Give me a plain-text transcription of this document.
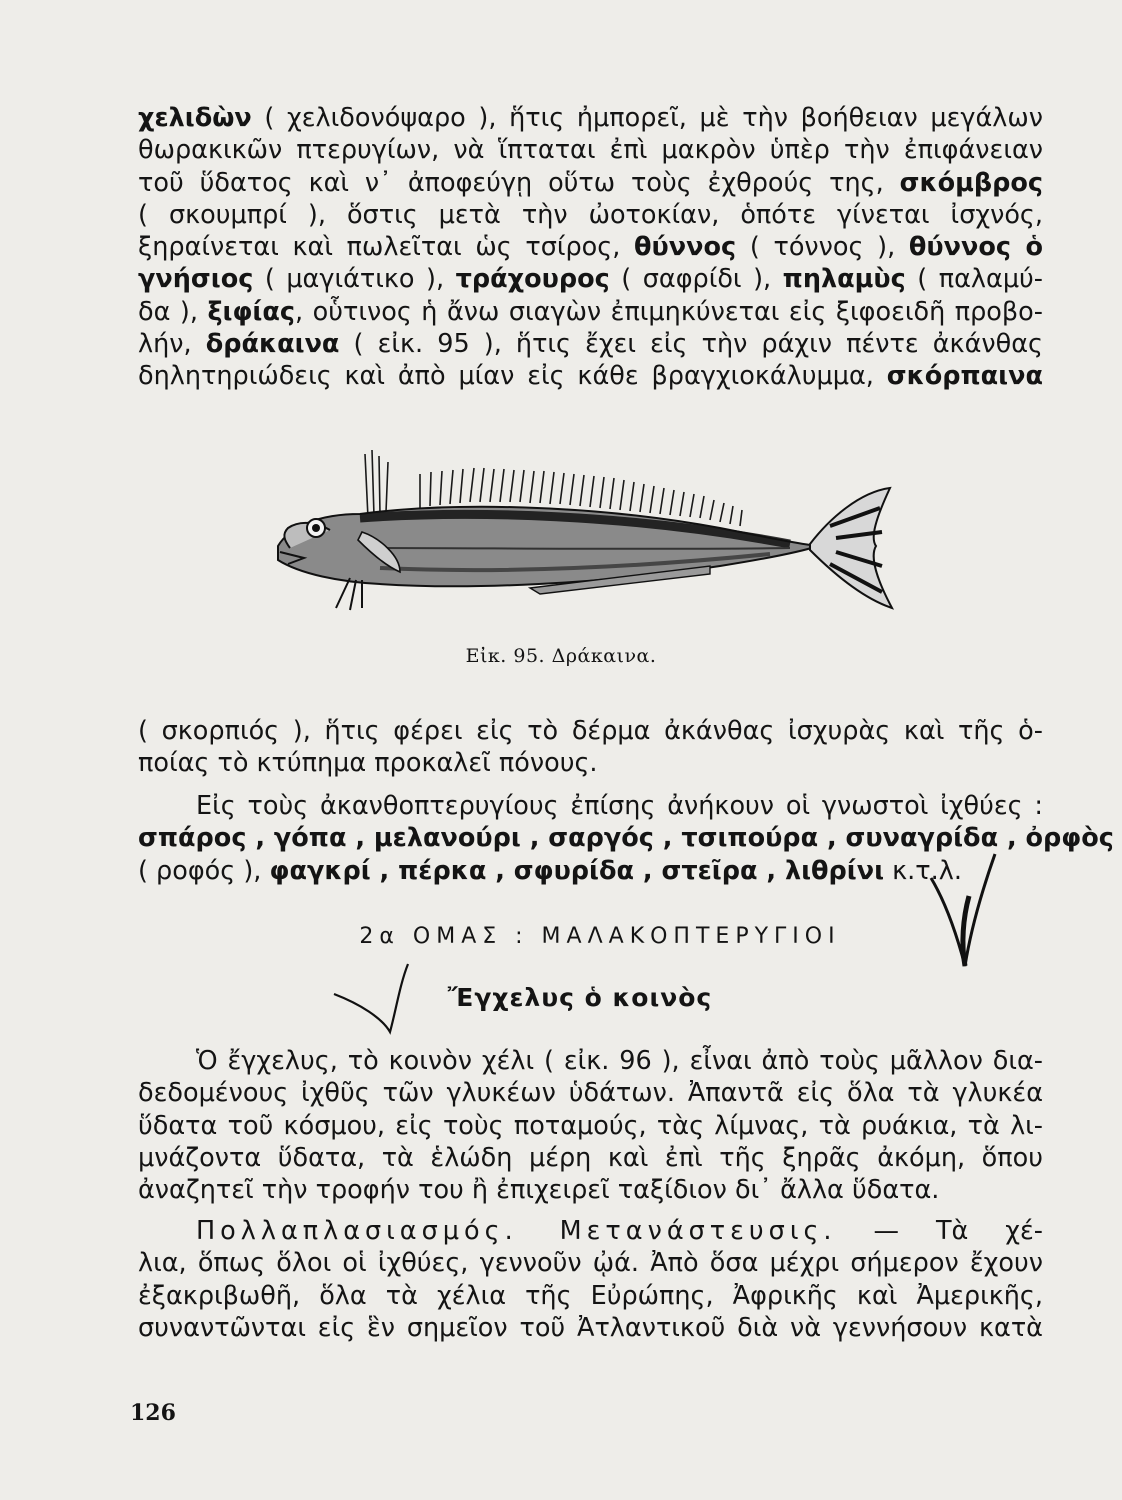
χελιδὼν ( χελιδονόψαρο ), ἥτις ἠμπορεῖ, μὲ τὴν βοήθειαν μεγάλων
θωρακικῶν πτερυγίων, νὰ ἵπταται ἐπὶ μακρὸν ὑπὲρ τὴν ἐπιφάνειαν
τοῦ ὕδατος καὶ ν᾽ ἀποφεύγῃ οὕτω τοὺς ἐχθρούς της, σκόμβρος
( σκουμπρί ), ὅστις μετὰ τὴν ὠοτοκίαν, ὁπότε γίνεται ἰσχνός,
ξηραίνεται καὶ πωλεῖται ὡς τσίρος, θύννος ( τόννος ), θύννος ὁ
γνήσιος ( μαγιάτικο ), τράχουρος ( σαφρίδι ), πηλαμὺς ( παλαμύ-
δα ), ξιφίας, οὗτινος ἡ ἄνω σιαγὼν ἐπιμηκύνεται εἰς ξιφοειδῆ προβο-
λήν, δράκαινα ( εἰκ. 95 ), ἥτις ἔχει εἰς τὴν ράχιν πέντε ἀκάνθας
δηλητηριώδεις καὶ ἀπὸ μίαν εἰς κάθε βραγχιοκάλυμμα, σκόρπαινα
Εἰκ. 95. Δράκαινα.
( σκορπιός ), ἥτις φέρει εἰς τὸ δέρμα ἀκάνθας ἰσχυρὰς καὶ τῆς ὁ-
ποίας τὸ κτύπημα προκαλεῖ πόνους.
Εἰς τοὺς ἀκανθοπτερυγίους ἐπίσης ἀνήκουν οἱ γνωστοὶ ἰχθύες :
σπάρος , γόπα , μελανούρι , σαργός , τσιπούρα , συναγρίδα , ὀρφὸς
( ροφός ), φαγκρί , πέρκα , σφυρίδα , στεῖρα , λιθρίνι κ.τ.λ.
2α ΟΜΑΣ : ΜΑΛΑΚΟΠΤΕΡΥΓΙΟΙ
Ἔγχελυς ὁ κοινὸς
Ὁ ἔγχελυς, τὸ κοινὸν χέλι ( εἰκ. 96 ), εἶναι ἀπὸ τοὺς μᾶλλον δια-
δεδομένους ἰχθῦς τῶν γλυκέων ὑδάτων. Ἀπαντᾶ εἰς ὅλα τὰ γλυκέα
ὕδατα τοῦ κόσμου, εἰς τοὺς ποταμούς, τὰς λίμνας, τὰ ρυάκια, τὰ λι-
μνάζοντα ὕδατα, τὰ ἑλώδη μέρη καὶ ἐπὶ τῆς ξηρᾶς ἀκόμη, ὅπου
ἀναζητεῖ τὴν τροφήν του ἢ ἐπιχειρεῖ ταξίδιον δι᾽ ἄλλα ὕδατα.
Πολλαπλασιασμός. Μετανάστευσις. — Τὰ χέ-
λια, ὅπως ὅλοι οἱ ἰχθύες, γεννοῦν ᾠά. Ἀπὸ ὅσα μέχρι σήμερον ἔχουν
ἐξακριβωθῆ, ὅλα τὰ χέλια τῆς Εὐρώπης, Ἀφρικῆς καὶ Ἀμερικῆς,
συναντῶνται εἰς ἓν σημεῖον τοῦ Ἀτλαντικοῦ διὰ νὰ γεννήσουν κατὰ
126
